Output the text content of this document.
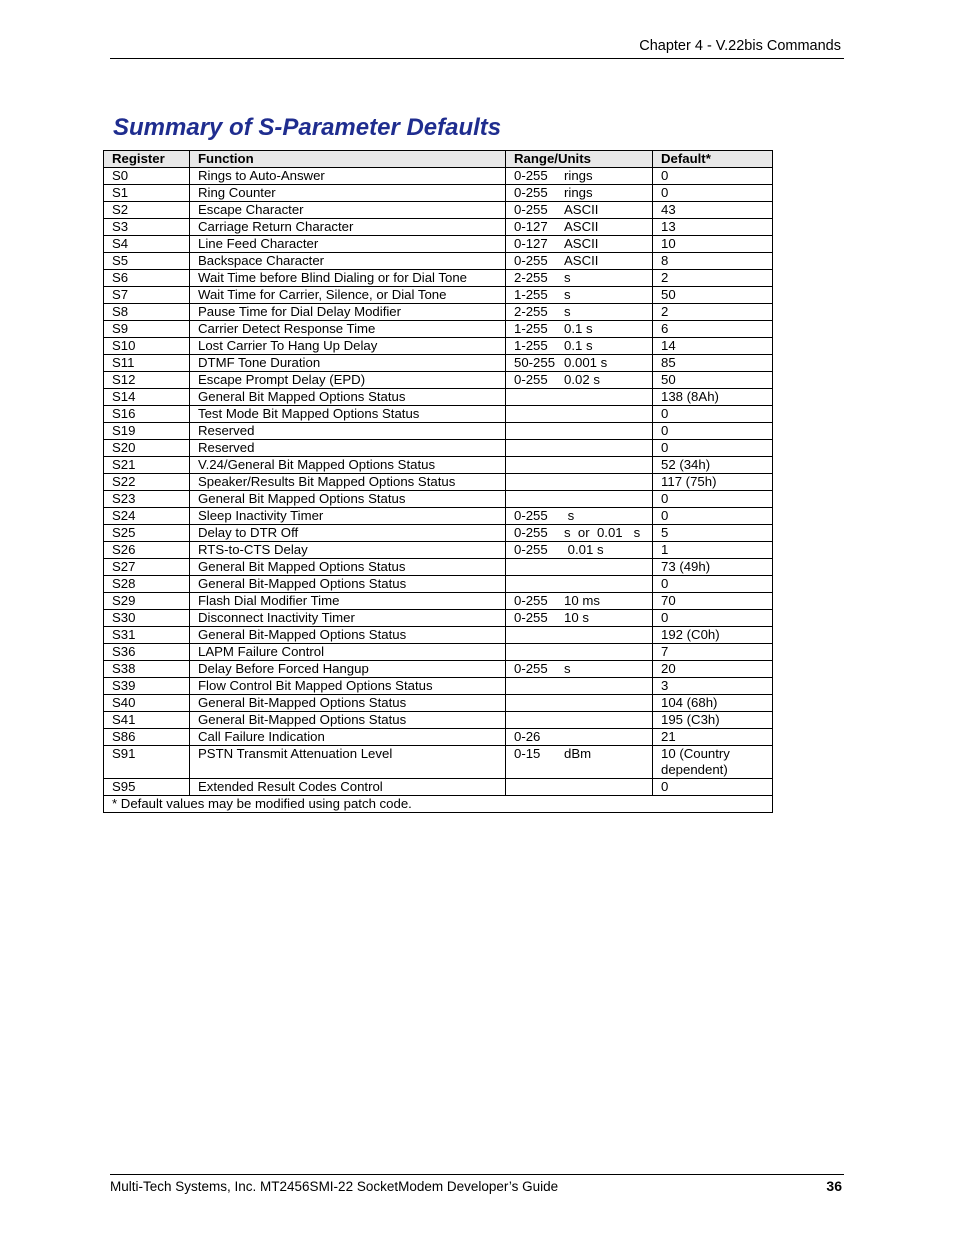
Chapter 4 - V.22bis Commands
Summary of S-Parameter Defaults
Register	Function	Range/Units	Default*
S0	Rings to Auto-Answer	0-255 rings	0
S1	Ring Counter	0-255 rings	0
S2	Escape Character	0-255 ASCII	43
S3	Carriage Return Character	0-127 ASCII	13
S4	Line Feed Character	0-127 ASCII	10
S5	Backspace Character	0-255 ASCII	8
S6	Wait Time before Blind Dialing or for Dial Tone	2-255 s	2
S7	Wait Time for Carrier, Silence, or Dial Tone	1-255 s	50
S8	Pause Time for Dial Delay Modifier	2-255 s	2
S9	Carrier Detect Response Time	1-255 0.1 s	6
S10	Lost Carrier To Hang Up Delay	1-255 0.1 s	14
S11	DTMF Tone Duration	50-255 0.001 s	85
S12	Escape Prompt Delay (EPD)	0-255 0.02 s	50
S14	General Bit Mapped Options Status		138 (8Ah)
S16	Test Mode Bit Mapped Options Status		0
S19	Reserved		0
S20	Reserved		0
S21	V.24/General Bit Mapped Options Status		52 (34h)
S22	Speaker/Results Bit Mapped Options Status		117 (75h)
S23	General Bit Mapped Options Status		0
S24	Sleep Inactivity Timer	0-255 s	0
S25	Delay to DTR Off	0-255 s  or  0.01   s	5
S26	RTS-to-CTS Delay	0-255 0.01 s	1
S27	General Bit Mapped Options Status		73 (49h)
S28	General Bit-Mapped Options Status		0
S29	Flash Dial Modifier Time	0-255 10 ms	70
S30	Disconnect Inactivity Timer	0-255 10 s	0
S31	General Bit-Mapped Options Status		192 (C0h)
S36	LAPM Failure Control		7
S38	Delay Before Forced Hangup	0-255 s	20
S39	Flow Control Bit Mapped Options Status		3
S40	General Bit-Mapped Options Status		104 (68h)
S41	General Bit-Mapped Options Status		195 (C3h)
S86	Call Failure Indication	0-26	21
S91	PSTN Transmit Attenuation Level	0-15 dBm	10 (Country dependent)
S95	Extended Result Codes Control		0
* Default values may be modified using patch code.			
Multi-Tech Systems, Inc. MT2456SMI-22 SocketModem Developer’s Guide	36
